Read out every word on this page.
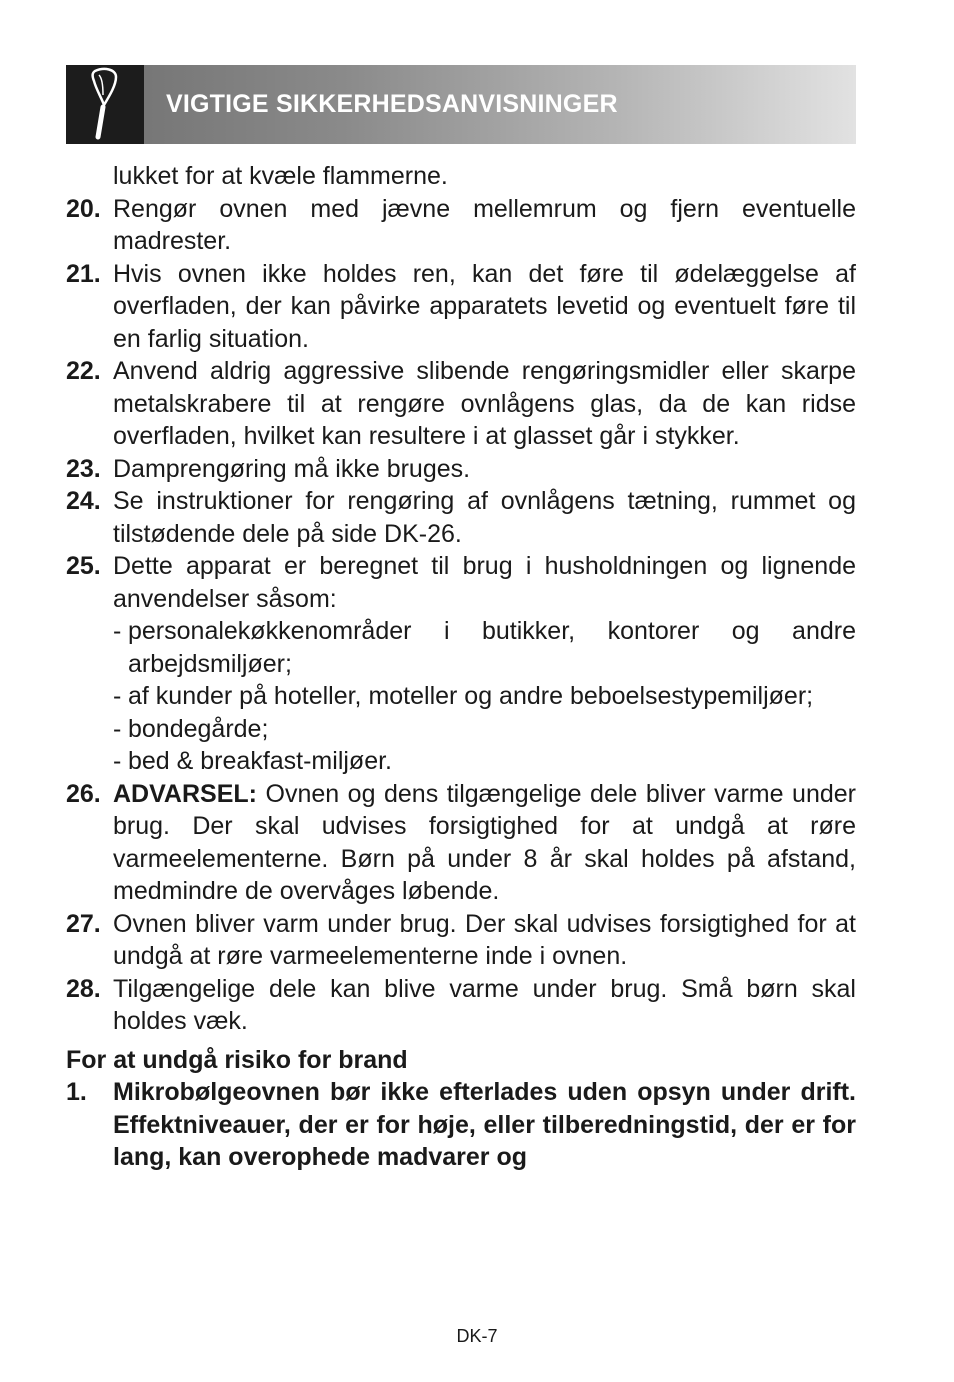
VIGTIGE SIKKERHEDSANVISNINGER
lukket for at kvæle flammerne.
20. Rengør ovnen med jævne mellemrum og fjern eventuelle madrester.
21. Hvis ovnen ikke holdes ren, kan det føre til ødelæggelse af overfladen, der kan påvirke apparatets levetid og eventuelt føre til en farlig situation.
22. Anvend aldrig aggressive slibende rengøringsmidler eller skarpe metalskrabere til at rengøre ovnlågens glas, da de kan ridse overfladen, hvilket kan resultere i at glasset går i stykker.
23. Damprengøring må ikke bruges.
24. Se instruktioner for rengøring af ovnlågens tætning, rummet og tilstødende dele på side DK-26.
25. Dette apparat er beregnet til brug i husholdningen og lignende anvendelser såsom:
- personalekøkkenområder i butikker, kontorer og andre arbejdsmiljøer;
- af kunder på hoteller, moteller og andre beboelsestypemiljøer;
- bondegårde;
- bed & breakfast-miljøer.
26. ADVARSEL: Ovnen og dens tilgængelige dele bliver varme under brug. Der skal udvises forsigtighed for at undgå at røre varmeelementerne. Børn på under 8 år skal holdes på afstand, medmindre de overvåges løbende.
27. Ovnen bliver varm under brug. Der skal udvises forsigtighed for at undgå at røre varmeelementerne inde i ovnen.
28. Tilgængelige dele kan blive varme under brug. Små børn skal holdes væk.
For at undgå risiko for brand
1. Mikrobølgeovnen bør ikke efterlades uden opsyn under drift. Effektniveauer, der er for høje, eller tilberedningstid, der er for lang, kan overophede madvarer og
DK-7
